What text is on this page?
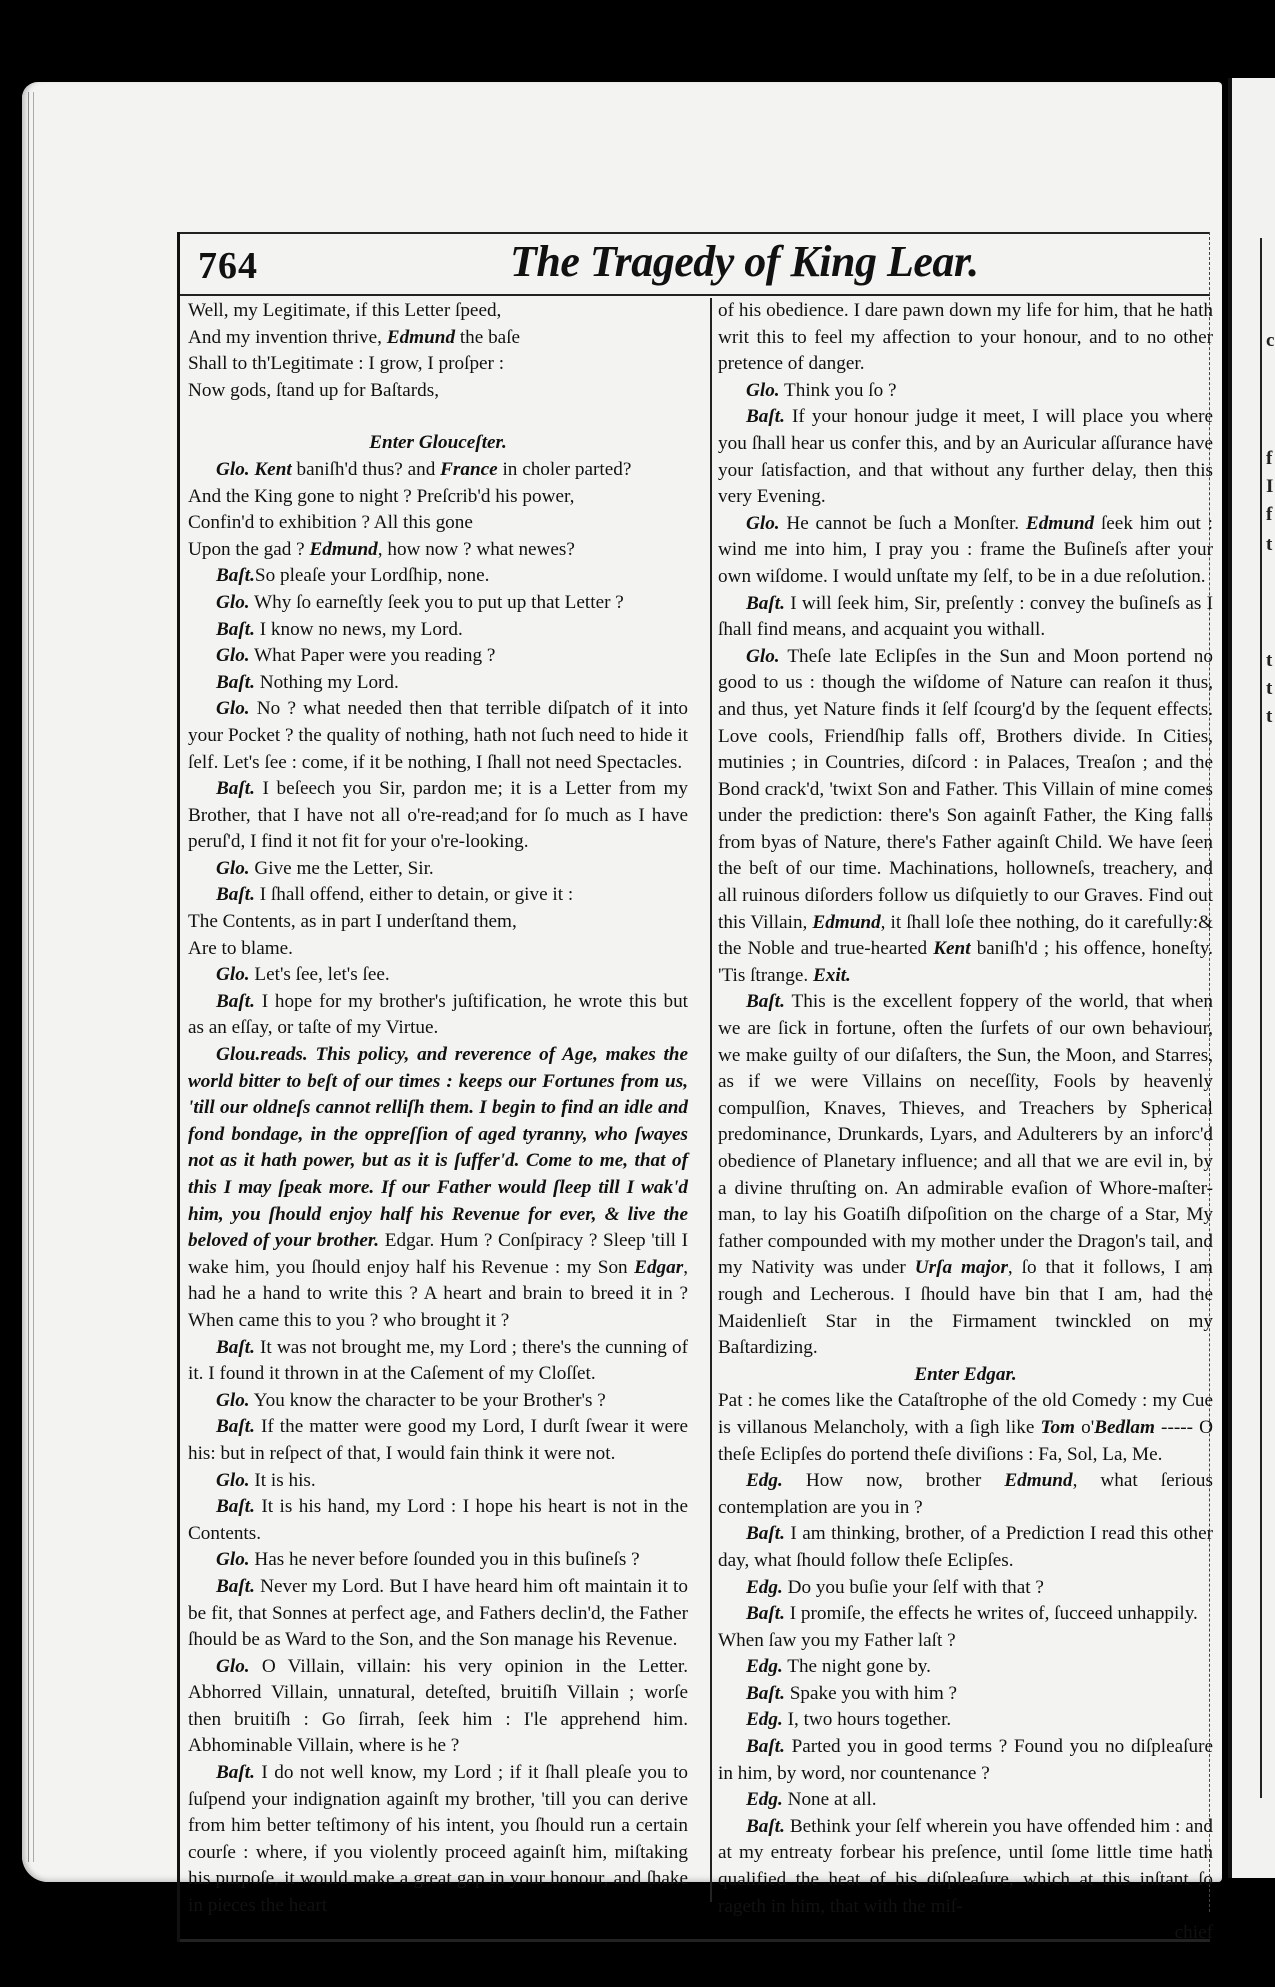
764	The Tragedy of King Lear.

Well, my Legitimate, if this Letter ſpeed,

And my invention thrive, Edmund the baſe

Shall to th'Legitimate : I grow, I proſper :

Now gods, ſtand up for Baſtards,

Enter Glouceſter.

Glo. Kent baniſh'd thus? and France in choler parted?

And the King gone to night ? Preſcrib'd his power,

Confin'd to exhibition ? All this gone

Upon the gad ? Edmund, how now ? what newes?

Baſt.So pleaſe your Lordſhip, none.

Glo. Why ſo earneſtly ſeek you to put up that Letter ?

Baſt. I know no news, my Lord.

Glo. What Paper were you reading ?

Baſt. Nothing my Lord.

Glo. No ? what needed then that terrible diſpatch of it into your Pocket ? the quality of nothing, hath not ſuch need to hide it ſelf. Let's ſee : come, if it be nothing, I ſhall not need Spectacles.

Baſt. I beſeech you Sir, pardon me; it is a Letter from my Brother, that I have not all o're-read;and for ſo much as I have peruſ'd, I find it not fit for your o're-looking.

Glo. Give me the Letter, Sir.

Baſt. I ſhall offend, either to detain, or give it :

The Contents, as in part I underſtand them,

Are to blame.

Glo. Let's ſee, let's ſee.

Baſt. I hope for my brother's juſtification, he wrote this but as an eſſay, or taſte of my Virtue.

Glou.reads. This policy, and reverence of Age, makes the world bitter to beſt of our times : keeps our Fortunes from us, 'till our oldneſs cannot relliſh them. I begin to find an idle and fond bondage, in the oppreſſion of aged tyranny, who ſwayes not as it hath power, but as it is ſuffer'd. Come to me, that of this I may ſpeak more. If our Father would ſleep till I wak'd him, you ſhould enjoy half his Revenue for ever, & live the beloved of your brother. Edgar. Hum ? Conſpiracy ? Sleep 'till I wake him, you ſhould enjoy half his Revenue : my Son Edgar, had he a hand to write this ? A heart and brain to breed it in ? When came this to you ? who brought it ?

Baſt. It was not brought me, my Lord ; there's the cunning of it. I found it thrown in at the Caſement of my Cloſſet.

Glo. You know the character to be your Brother's ?

Baſt. If the matter were good my Lord, I durſt ſwear it were his: but in reſpect of that, I would fain think it were not.

Glo. It is his.

Baſt. It is his hand, my Lord : I hope his heart is not in the Contents.

Glo. Has he never before ſounded you in this buſineſs ?

Baſt. Never my Lord. But I have heard him oft maintain it to be fit, that Sonnes at perfect age, and Fathers declin'd, the Father ſhould be as Ward to the Son, and the Son manage his Revenue.

Glo. O Villain, villain: his very opinion in the Letter. Abhorred Villain, unnatural, deteſted, bruitiſh Villain ; worſe then bruitiſh : Go ſirrah, ſeek him : I'le apprehend him. Abhominable Villain, where is he ?

Baſt. I do not well know, my Lord ; if it ſhall pleaſe you to ſuſpend your indignation againſt my brother, 'till you can derive from him better teſtimony of his intent, you ſhould run a certain courſe : where, if you violently proceed againſt him, miſtaking his purpoſe, it would make a great gap in your honour, and ſhake in pieces the heart

of his obedience. I dare pawn down my life for him, that he hath writ this to feel my affection to your honour, and to no other pretence of danger.

Glo. Think you ſo ?

Baſt. If your honour judge it meet, I will place you where you ſhall hear us confer this, and by an Auricular aſſurance have your ſatisfaction, and that without any further delay, then this very Evening.

Glo. He cannot be ſuch a Monſter. Edmund ſeek him out : wind me into him, I pray you : frame the Buſineſs after your own wiſdome. I would unſtate my ſelf, to be in a due reſolution.

Baſt. I will ſeek him, Sir, preſently : convey the buſineſs as I ſhall find means, and acquaint you withall.

Glo. Theſe late Eclipſes in the Sun and Moon portend no good to us : though the wiſdome of Nature can reaſon it thus, and thus, yet Nature finds it ſelf ſcourg'd by the ſequent effects. Love cools, Friendſhip falls off, Brothers divide. In Cities, mutinies ; in Countries, diſcord : in Palaces, Treaſon ; and the Bond crack'd, 'twixt Son and Father. This Villain of mine comes under the prediction: there's Son againſt Father, the King falls from byas of Nature, there's Father againſt Child. We have ſeen the beſt of our time. Machinations, hollowneſs, treachery, and all ruinous diſorders follow us diſquietly to our Graves. Find out this Villain, Edmund, it ſhall loſe thee nothing, do it carefully:& the Noble and true-hearted Kent baniſh'd ; his offence, honeſty. 'Tis ſtrange. Exit.

Baſt. This is the excellent foppery of the world, that when we are ſick in fortune, often the ſurfets of our own behaviour, we make guilty of our diſaſters, the Sun, the Moon, and Starres, as if we were Villains on neceſſity, Fools by heavenly compulſion, Knaves, Thieves, and Treachers by Spherical predominance, Drunkards, Lyars, and Adulterers by an inforc'd obedience of Planetary influence; and all that we are evil in, by a divine thruſting on. An admirable evaſion of Whore-maſter-man, to lay his Goatiſh diſpoſition on the charge of a Star, My father compounded with my mother under the Dragon's tail, and my Nativity was under Urſa major, ſo that it follows, I am rough and Lecherous. I ſhould have bin that I am, had the Maidenlieſt Star in the Firmament twinckled on my Baſtardizing.

Enter Edgar.

Pat : he comes like the Cataſtrophe of the old Comedy : my Cue is villanous Melancholy, with a ſigh like Tom o'Bedlam ----- O theſe Eclipſes do portend theſe diviſions : Fa, Sol, La, Me.

Edg. How now, brother Edmund, what ſerious contemplation are you in ?

Baſt. I am thinking, brother, of a Prediction I read this other day, what ſhould follow theſe Eclipſes.

Edg. Do you buſie your ſelf with that ?

Baſt. I promiſe, the effects he writes of, ſucceed unhappily.

When ſaw you my Father laſt ?

Edg. The night gone by.

Baſt. Spake you with him ?

Edg. I, two hours together.

Baſt. Parted you in good terms ? Found you no diſpleaſure in him, by word, nor countenance ?

Edg. None at all.

Baſt. Bethink your ſelf wherein you have offended him : and at my entreaty forbear his preſence, until ſome little time hath qualified the heat of his diſpleaſure, which at this inſtant ſo rageth in him, that with the miſ-

chief

c
f
I
f
t
t
t
t
